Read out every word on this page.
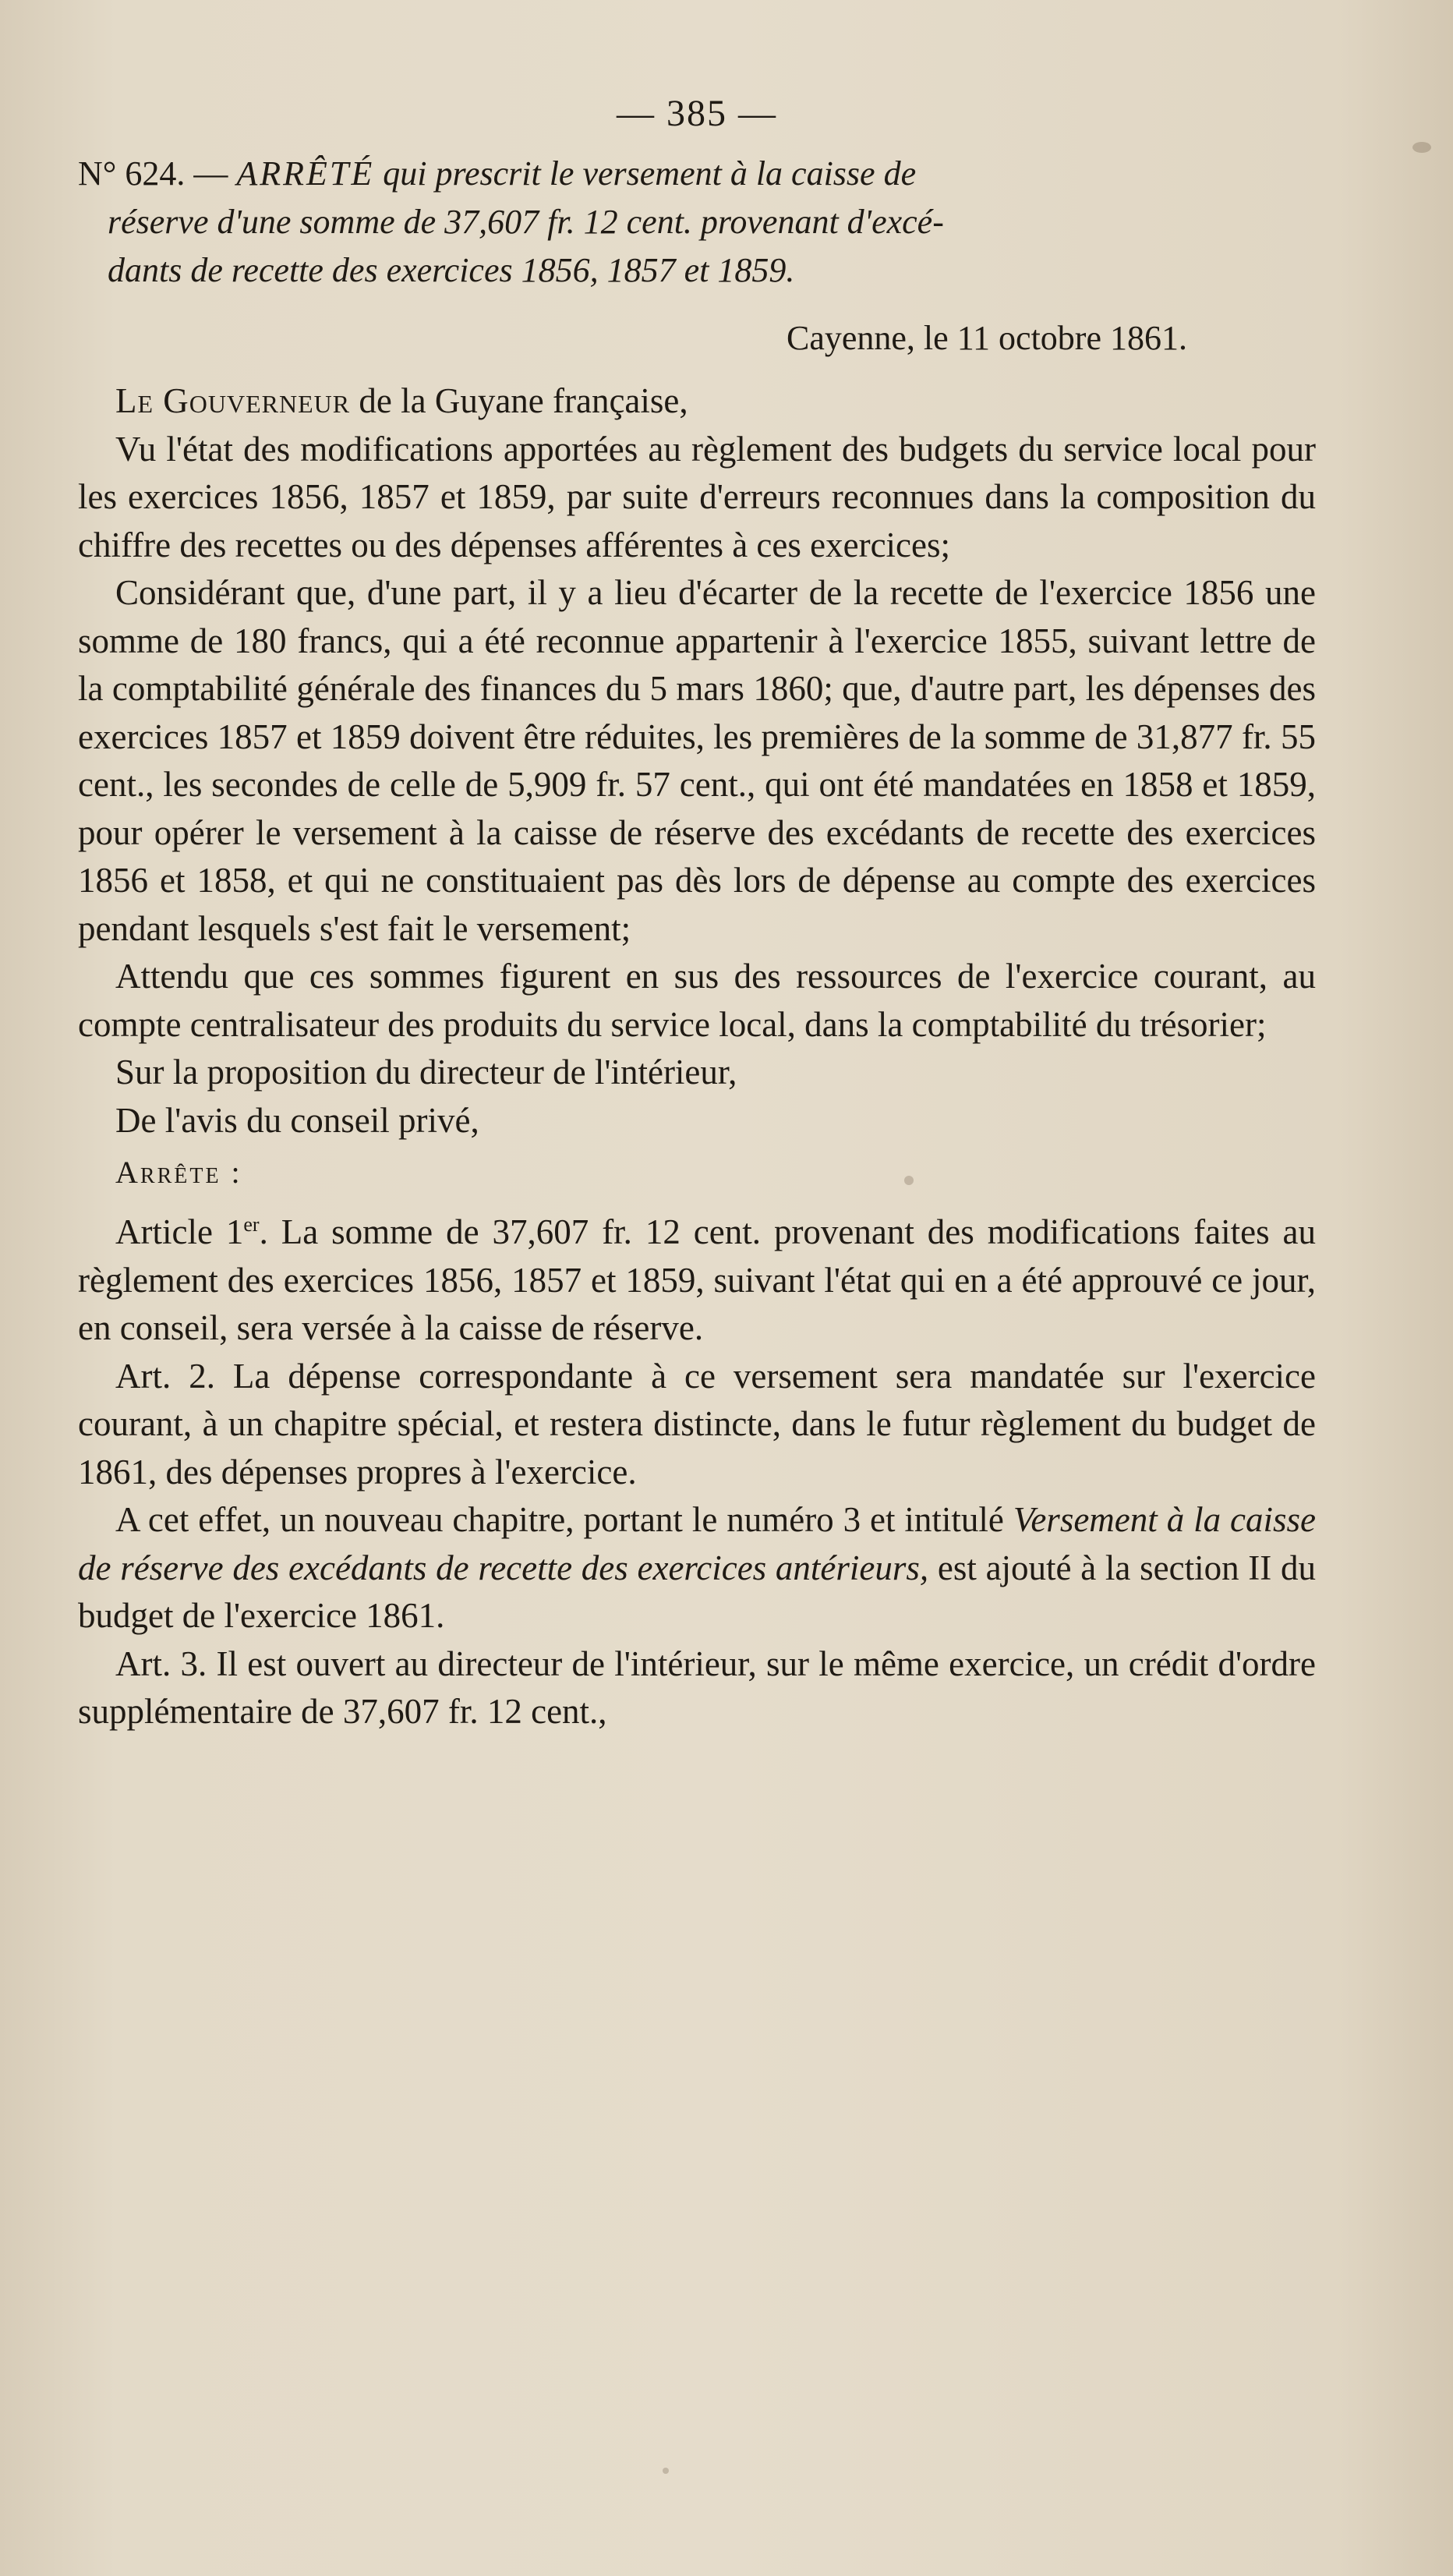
— 385 —
N° 624. — ARRÊTÉ qui prescrit le versement à la caisse de
réserve d'une somme de 37,607 fr. 12 cent. provenant d'excé-
dants de recette des exercices 1856, 1857 et 1859.
Cayenne, le 11 octobre 1861.

Le Gouverneur de la Guyane française,

Vu l'état des modifications apportées au règlement des budgets du service local pour les exercices 1856, 1857 et 1859, par suite d'erreurs reconnues dans la composition du chiffre des recettes ou des dépenses afférentes à ces exercices;

Considérant que, d'une part, il y a lieu d'écarter de la recette de l'exercice 1856 une somme de 180 francs, qui a été reconnue appartenir à l'exercice 1855, suivant lettre de la comptabilité générale des finances du 5 mars 1860; que, d'autre part, les dépenses des exercices 1857 et 1859 doivent être réduites, les premières de la somme de 31,877 fr. 55 cent., les secondes de celle de 5,909 fr. 57 cent., qui ont été mandatées en 1858 et 1859, pour opérer le versement à la caisse de réserve des excédants de recette des exercices 1856 et 1858, et qui ne constituaient pas dès lors de dépense au compte des exercices pendant lesquels s'est fait le versement;

Attendu que ces sommes figurent en sus des ressources de l'exercice courant, au compte centralisateur des produits du service local, dans la comptabilité du trésorier;

Sur la proposition du directeur de l'intérieur,

De l'avis du conseil privé,

Arrête :

Article 1er. La somme de 37,607 fr. 12 cent. provenant des modifications faites au règlement des exercices 1856, 1857 et 1859, suivant l'état qui en a été approuvé ce jour, en conseil, sera versée à la caisse de réserve.

Art. 2. La dépense correspondante à ce versement sera mandatée sur l'exercice courant, à un chapitre spécial, et restera distincte, dans le futur règlement du budget de 1861, des dépenses propres à l'exercice.

A cet effet, un nouveau chapitre, portant le numéro 3 et intitulé Versement à la caisse de réserve des excédants de recette des exercices antérieurs, est ajouté à la section II du budget de l'exercice 1861.

Art. 3. Il est ouvert au directeur de l'intérieur, sur le même exercice, un crédit d'ordre supplémentaire de 37,607 fr. 12 cent.,
